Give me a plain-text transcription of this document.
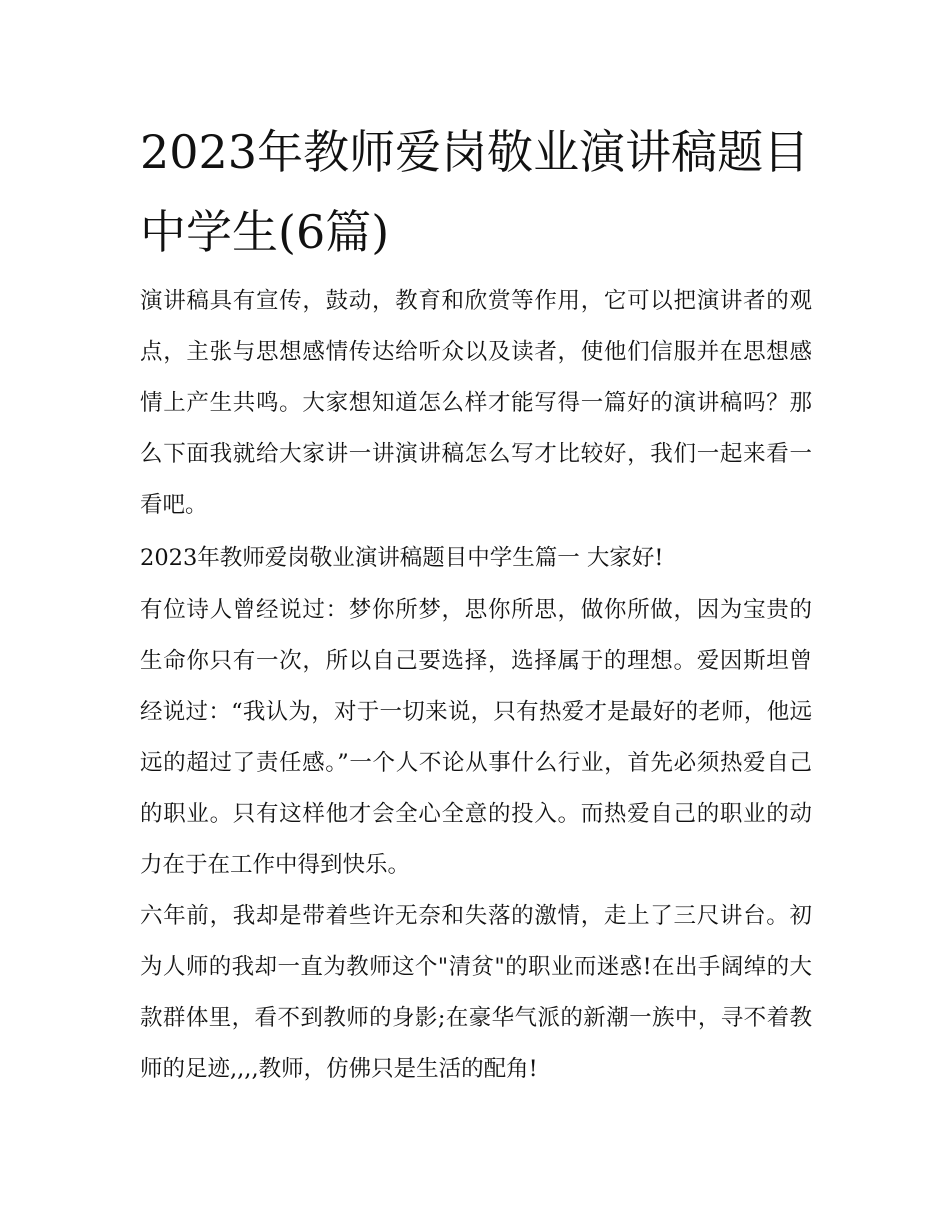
2023年教师爱岗敬业演讲稿题目中学生(6篇)

演讲稿具有宣传，鼓动，教育和欣赏等作用，它可以把演讲者的观点，主张与思想感情传达给听众以及读者，使他们信服并在思想感情上产生共鸣。大家想知道怎么样才能写得一篇好的演讲稿吗？那么下面我就给大家讲一讲演讲稿怎么写才比较好，我们一起来看一看吧。

2023年教师爱岗敬业演讲稿题目中学生篇一 大家好!

有位诗人曾经说过：梦你所梦，思你所思，做你所做，因为宝贵的生命你只有一次，所以自己要选择，选择属于的理想。爱因斯坦曾经说过：“我认为，对于一切来说，只有热爱才是最好的老师，他远远的超过了责任感。”一个人不论从事什么行业，首先必须热爱自己的职业。只有这样他才会全心全意的投入。而热爱自己的职业的动力在于在工作中得到快乐。

六年前，我却是带着些许无奈和失落的激情，走上了三尺讲台。初为人师的我却一直为教师这个"清贫"的职业而迷惑!在出手阔绰的大款群体里，看不到教师的身影;在豪华气派的新潮一族中，寻不着教师的足迹,,,,教师，仿佛只是生活的配角!
